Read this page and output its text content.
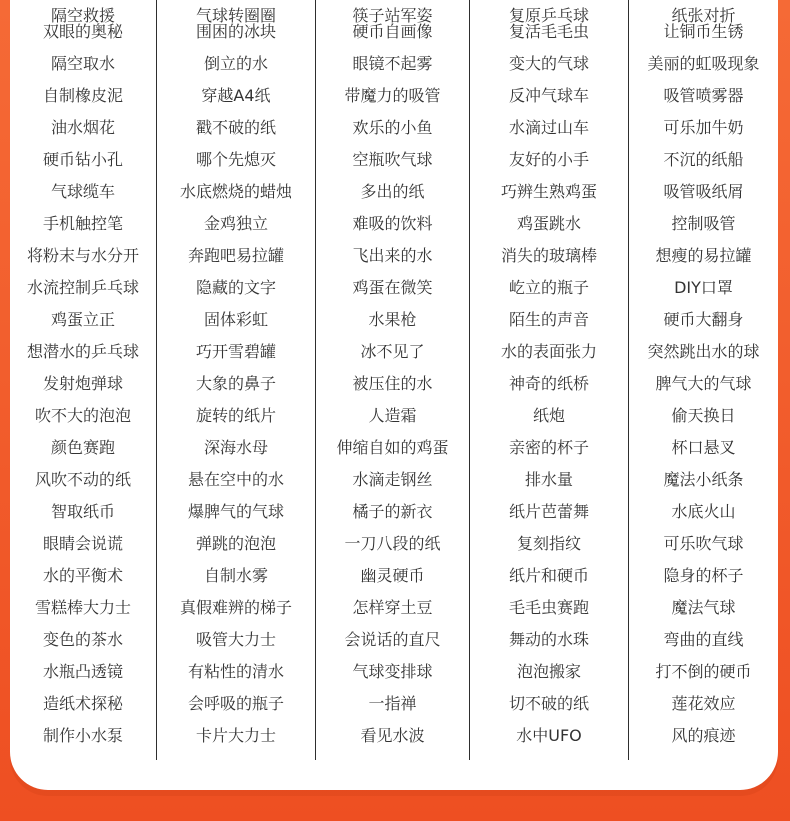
隔空救援
双眼的奥秘
隔空取水
自制橡皮泥
油水烟花
硬币钻小孔
气球缆车
手机触控笔
将粉末与水分开
水流控制乒乓球
鸡蛋立正
想潜水的乒乓球
发射炮弹球
吹不大的泡泡
颜色赛跑
风吹不动的纸
智取纸币
眼睛会说谎
水的平衡术
雪糕棒大力士
变色的茶水
水瓶凸透镜
造纸术探秘
制作小水泵
气球转圈圈
围困的冰块
倒立的水
穿越A4纸
戳不破的纸
哪个先熄灭
水底燃烧的蜡烛
金鸡独立
奔跑吧易拉罐
隐藏的文字
固体彩虹
巧开雪碧罐
大象的鼻子
旋转的纸片
深海水母
悬在空中的水
爆脾气的气球
弹跳的泡泡
自制水雾
真假难辨的梯子
吸管大力士
有粘性的清水
会呼吸的瓶子
卡片大力士
筷子站军姿
硬币自画像
眼镜不起雾
带魔力的吸管
欢乐的小鱼
空瓶吹气球
多出的纸
难吸的饮料
飞出来的水
鸡蛋在微笑
水果枪
冰不见了
被压住的水
人造霜
伸缩自如的鸡蛋
水滴走钢丝
橘子的新衣
一刀八段的纸
幽灵硬币
怎样穿土豆
会说话的直尺
气球变排球
一指禅
看见水波
复原乒乓球
复活毛毛虫
变大的气球
反冲气球车
水滴过山车
友好的小手
巧辨生熟鸡蛋
鸡蛋跳水
消失的玻璃棒
屹立的瓶子
陌生的声音
水的表面张力
神奇的纸桥
纸炮
亲密的杯子
排水量
纸片芭蕾舞
复刻指纹
纸片和硬币
毛毛虫赛跑
舞动的水珠
泡泡搬家
切不破的纸
水中UFO
纸张对折
让铜币生锈
美丽的虹吸现象
吸管喷雾器
可乐加牛奶
不沉的纸船
吸管吸纸屑
控制吸管
想瘦的易拉罐
DIY口罩
硬币大翻身
突然跳出水的球
脾气大的气球
偷天换日
杯口悬叉
魔法小纸条
水底火山
可乐吹气球
隐身的杯子
魔法气球
弯曲的直线
打不倒的硬币
莲花效应
风的痕迹
